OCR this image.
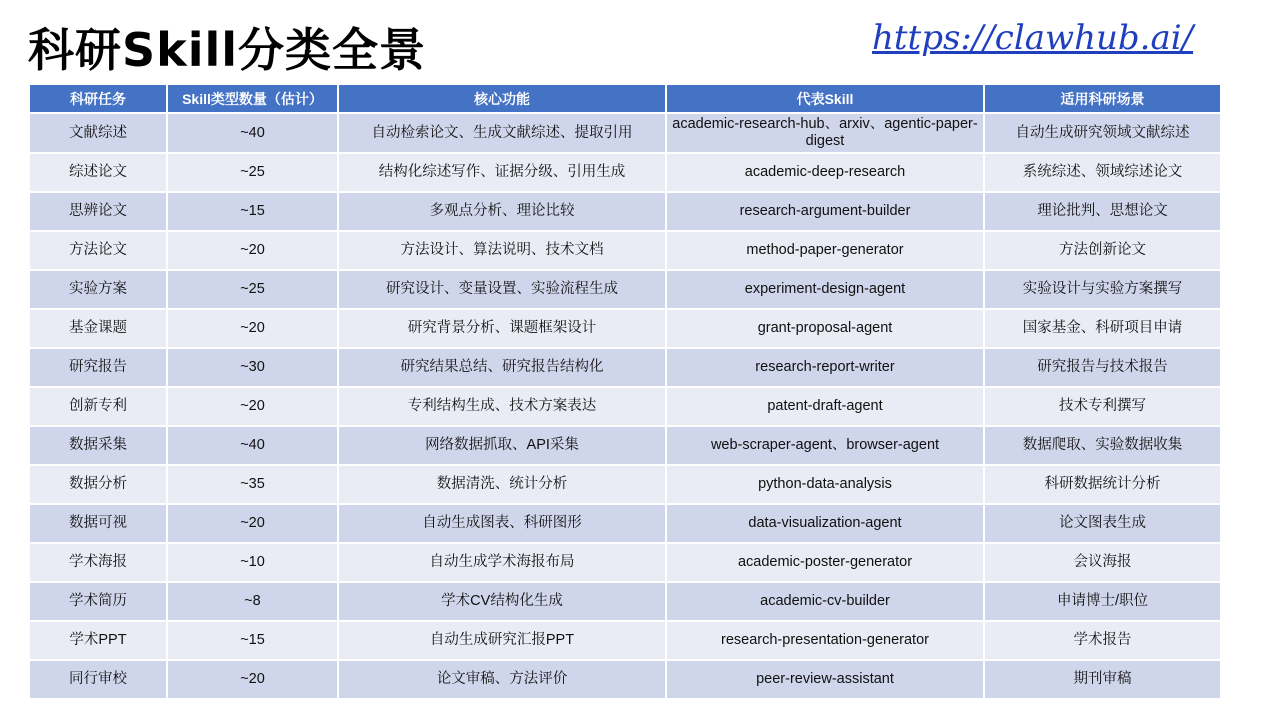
科研Skill分类全景	https://clawhub.ai/
科研任务	Skill类型数量（估计）	核心功能	代表Skill	适用科研场景
文献综述	~40	自动检索论文、生成文献综述、提取引用	academic-research-hub、arxiv、agentic-paper-digest	自动生成研究领域文献综述
综述论文	~25	结构化综述写作、证据分级、引用生成	academic-deep-research	系统综述、领域综述论文
思辨论文	~15	多观点分析、理论比较	research-argument-builder	理论批判、思想论文
方法论文	~20	方法设计、算法说明、技术文档	method-paper-generator	方法创新论文
实验方案	~25	研究设计、变量设置、实验流程生成	experiment-design-agent	实验设计与实验方案撰写
基金课题	~20	研究背景分析、课题框架设计	grant-proposal-agent	国家基金、科研项目申请
研究报告	~30	研究结果总结、研究报告结构化	research-report-writer	研究报告与技术报告
创新专利	~20	专利结构生成、技术方案表达	patent-draft-agent	技术专利撰写
数据采集	~40	网络数据抓取、API采集	web-scraper-agent、browser-agent	数据爬取、实验数据收集
数据分析	~35	数据清洗、统计分析	python-data-analysis	科研数据统计分析
数据可视	~20	自动生成图表、科研图形	data-visualization-agent	论文图表生成
学术海报	~10	自动生成学术海报布局	academic-poster-generator	会议海报
学术简历	~8	学术CV结构化生成	academic-cv-builder	申请博士/职位
学术PPT	~15	自动生成研究汇报PPT	research-presentation-generator	学术报告
同行审校	~20	论文审稿、方法评价	peer-review-assistant	期刊审稿
